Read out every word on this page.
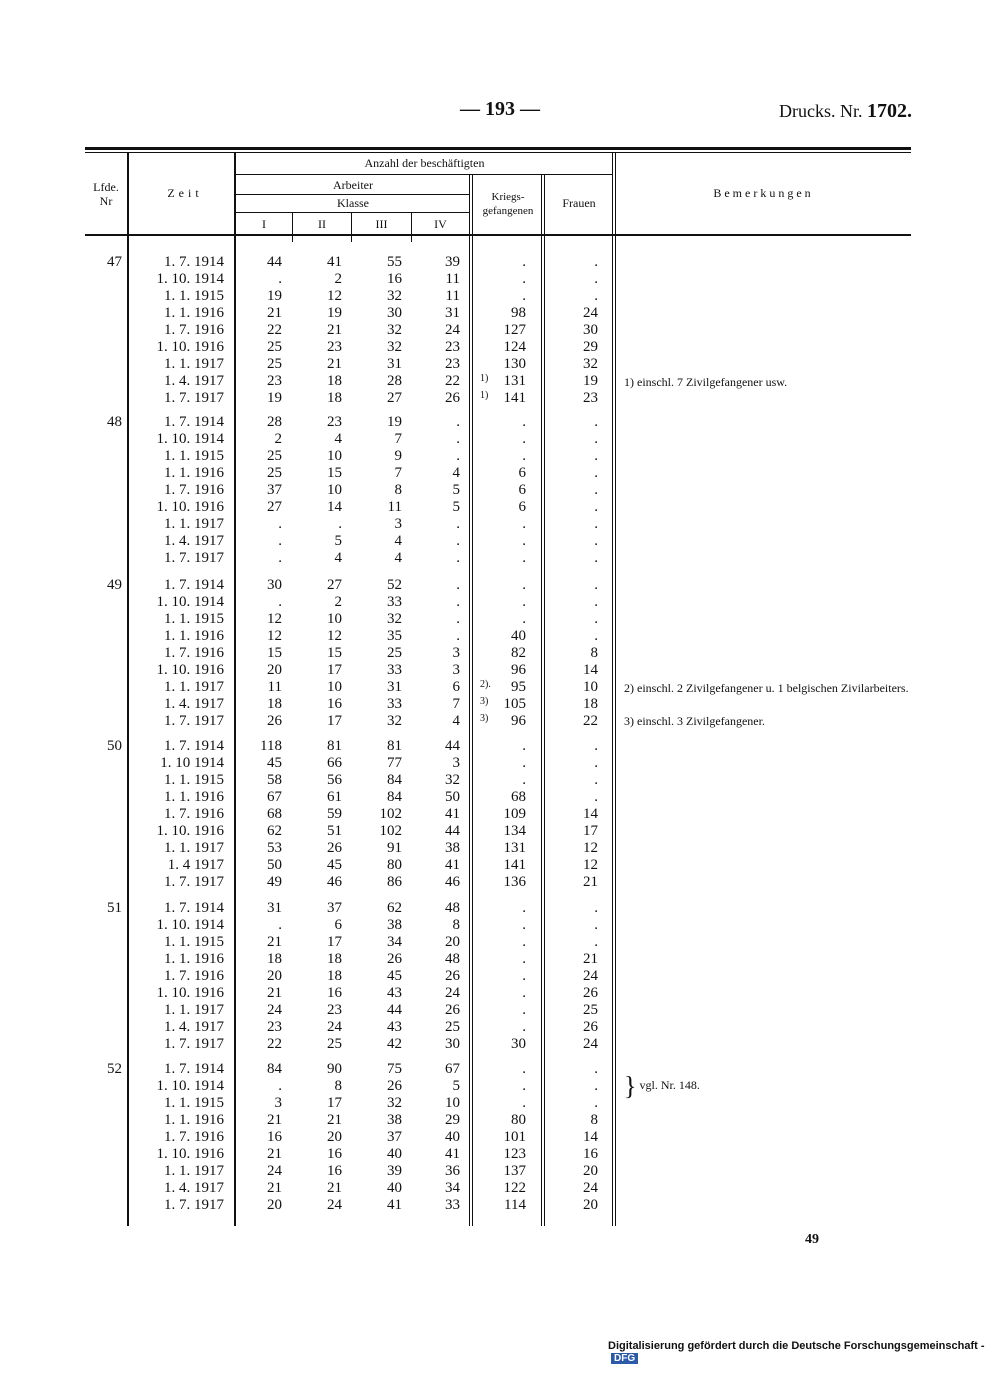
— 193 —	Drucks. Nr. 1702.
Lfde. Nr
Zeit
Anzahl der beschäftigten
Arbeiter
Klasse
I	II	III	IV
Kriegs-gefangenen
Frauen
Bemerkungen
47	1. 7. 1914	44	41	55	39	.	.
1. 10. 1914	.	2	16	11	.	.
1. 1. 1915	19	12	32	11	.	.
1. 1. 1916	21	19	30	31	98	24
1. 7. 1916	22	21	32	24	127	30
1. 10. 1916	25	23	32	23	124	29
1. 1. 1917	25	21	31	23	130	32
1. 4. 1917	23	18	28	22	131	19
1)
1. 7. 1917	19	18	27	26	141	23
1)
48	1. 7. 1914	28	23	19	.	.	.
1. 10. 1914	2	4	7	.	.	.
1. 1. 1915	25	10	9	.	.	.
1. 1. 1916	25	15	7	4	6	.
1. 7. 1916	37	10	8	5	6	.
1. 10. 1916	27	14	11	5	6	.
1. 1. 1917	.	.	3	.	.	.
1. 4. 1917	.	5	4	.	.	.
1. 7. 1917	.	4	4	.	.	.
49	1. 7. 1914	30	27	52	.	.	.
1. 10. 1914	.	2	33	.	.	.
1. 1. 1915	12	10	32	.	.	.
1. 1. 1916	12	12	35	.	40	.
1. 7. 1916	15	15	25	3	82	8
1. 10. 1916	20	17	33	3	96	14
1. 1. 1917	11	10	31	6	95	10
2).
1. 4. 1917	18	16	33	7	105	18
3)
1. 7. 1917	26	17	32	4	96	22
3)
50	1. 7. 1914	118	81	81	44	.	.
1. 10 1914	45	66	77	3	.	.
1. 1. 1915	58	56	84	32	.	.
1. 1. 1916	67	61	84	50	68	.
1. 7. 1916	68	59	102	41	109	14
1. 10. 1916	62	51	102	44	134	17
1. 1. 1917	53	26	91	38	131	12
1. 4 1917	50	45	80	41	141	12
1. 7. 1917	49	46	86	46	136	21
51	1. 7. 1914	31	37	62	48	.	.
1. 10. 1914	.	6	38	8	.	.
1. 1. 1915	21	17	34	20	.	.
1. 1. 1916	18	18	26	48	.	21
1. 7. 1916	20	18	45	26	.	24
1. 10. 1916	21	16	43	24	.	26
1. 1. 1917	24	23	44	26	.	25
1. 4. 1917	23	24	43	25	.	26
1. 7. 1917	22	25	42	30	30	24
52	1. 7. 1914	84	90	75	67	.	.
1. 10. 1914	.	8	26	5	.	.
1. 1. 1915	3	17	32	10	.	.
1. 1. 1916	21	21	38	29	80	8
1. 7. 1916	16	20	37	40	101	14
1. 10. 1916	21	16	40	41	123	16
1. 1. 1917	24	16	39	36	137	20
1. 4. 1917	21	21	40	34	122	24
1. 7. 1917	20	24	41	33	114	20
1) einschl. 7 Zivilgefangener usw.
2) einschl. 2 Zivilgefangener u. 1 belgischen Zivilarbeiters.
3) einschl. 3 Zivilgefangener.
} vgl. Nr. 148.
49
Digitalisierung gefördert durch die Deutsche Forschungsgemeinschaft -DFG
